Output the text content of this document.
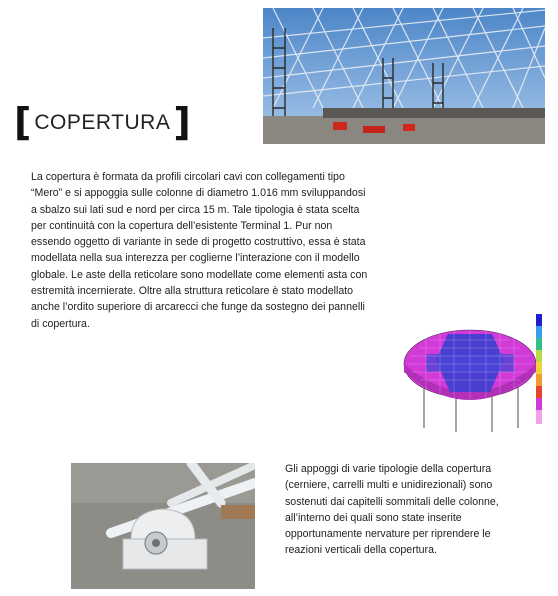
[ COPERTURA ]
La copertura è formata da profili circolari cavi con collegamenti tipo “Mero” e si appoggia sulle colonne di diametro 1.016 mm sviluppandosi a sbalzo sui lati sud e nord per circa 15 m. Tale tipologia è stata scelta per continuità con la copertura dell’esistente Terminal 1. Pur non essendo oggetto di variante in sede di progetto costruttivo, essa è stata modellata nella sua interezza per coglierne l’interazione con il modello globale. Le aste della reticolare sono modellate come elementi asta con estremità incernierate. Oltre alla struttura reticolare è stato modellato anche l’ordito superiore di arcarecci che funge da sostegno dei pannelli di copertura.
Gli appoggi di varie tipologie della copertura (cerniere, carrelli multi e unidirezionali) sono sostenuti dai capitelli sommitali delle colonne, all’interno dei quali sono state inserite opportunamente nervature per riprendere le reazioni verticali della copertura.
